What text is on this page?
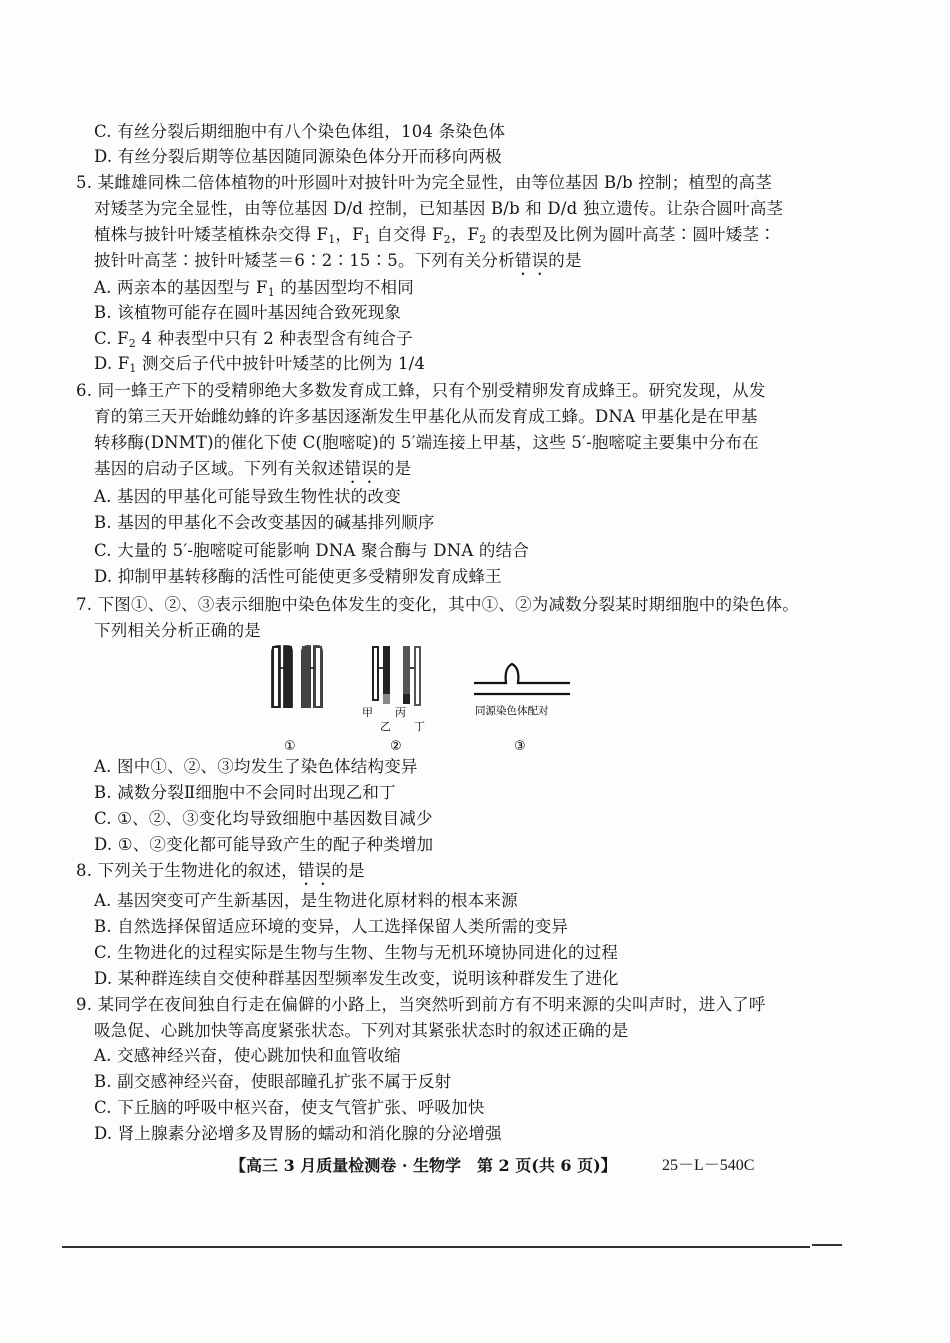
C. 有丝分裂后期细胞中有八个染色体组，104 条染色体
D. 有丝分裂后期等位基因随同源染色体分开而移向两极
5. 某雌雄同株二倍体植物的叶形圆叶对披针叶为完全显性，由等位基因 B/b 控制；植型的高茎
对矮茎为完全显性，由等位基因 D/d 控制，已知基因 B/b 和 D/d 独立遗传。让杂合圆叶高茎
植株与披针叶矮茎植株杂交得 $F_1$，$F_1$ 自交得 $F_2$，$F_2$ 的表型及比例为圆叶高茎∶圆叶矮茎∶
披针叶高茎∶披针叶矮茎＝6∶2∶15∶5。下列有关分析错误的是
A. 两亲本的基因型与 $F_1$ 的基因型均不相同
B. 该植物可能存在圆叶基因纯合致死现象
C. $F_2$ 4 种表型中只有 2 种表型含有纯合子
D. $F_1$ 测交后子代中披针叶矮茎的比例为 1/4
6. 同一蜂王产下的受精卵绝大多数发育成工蜂，只有个别受精卵发育成蜂王。研究发现，从发
育的第三天开始雌幼蜂的许多基因逐渐发生甲基化从而发育成工蜂。DNA 甲基化是在甲基
转移酶(DNMT)的催化下使 C(胞嘧啶)的 5′端连接上甲基，这些 5′-胞嘧啶主要集中分布在
基因的启动子区域。下列有关叙述错误的是
A. 基因的甲基化可能导致生物性状的改变
B. 基因的甲基化不会改变基因的碱基排列顺序
C. 大量的 5′-胞嘧啶可能影响 DNA 聚合酶与 DNA 的结合
D. 抑制甲基转移酶的活性可能使更多受精卵发育成蜂王
7. 下图①、②、③表示细胞中染色体发生的变化，其中①、②为减数分裂某时期细胞中的染色体。
下列相关分析正确的是
甲
乙
丙
丁
同源染色体配对
①	②	③
A. 图中①、②、③均发生了染色体结构变异
B. 减数分裂Ⅱ细胞中不会同时出现乙和丁
C. ①、②、③变化均导致细胞中基因数目减少
D. ①、②变化都可能导致产生的配子种类增加
8. 下列关于生物进化的叙述，错误的是
A. 基因突变可产生新基因，是生物进化原材料的根本来源
B. 自然选择保留适应环境的变异，人工选择保留人类所需的变异
C. 生物进化的过程实际是生物与生物、生物与无机环境协同进化的过程
D. 某种群连续自交使种群基因型频率发生改变，说明该种群发生了进化
9. 某同学在夜间独自行走在偏僻的小路上，当突然听到前方有不明来源的尖叫声时，进入了呼
吸急促、心跳加快等高度紧张状态。下列对其紧张状态时的叙述正确的是
A. 交感神经兴奋，使心跳加快和血管收缩
B. 副交感神经兴奋，使眼部瞳孔扩张不属于反射
C. 下丘脑的呼吸中枢兴奋，使支气管扩张、呼吸加快
D. 肾上腺素分泌增多及胃肠的蠕动和消化腺的分泌增强
【高三 3 月质量检测卷 · 生物学　第 2 页(共 6 页)】	25－L－540C
